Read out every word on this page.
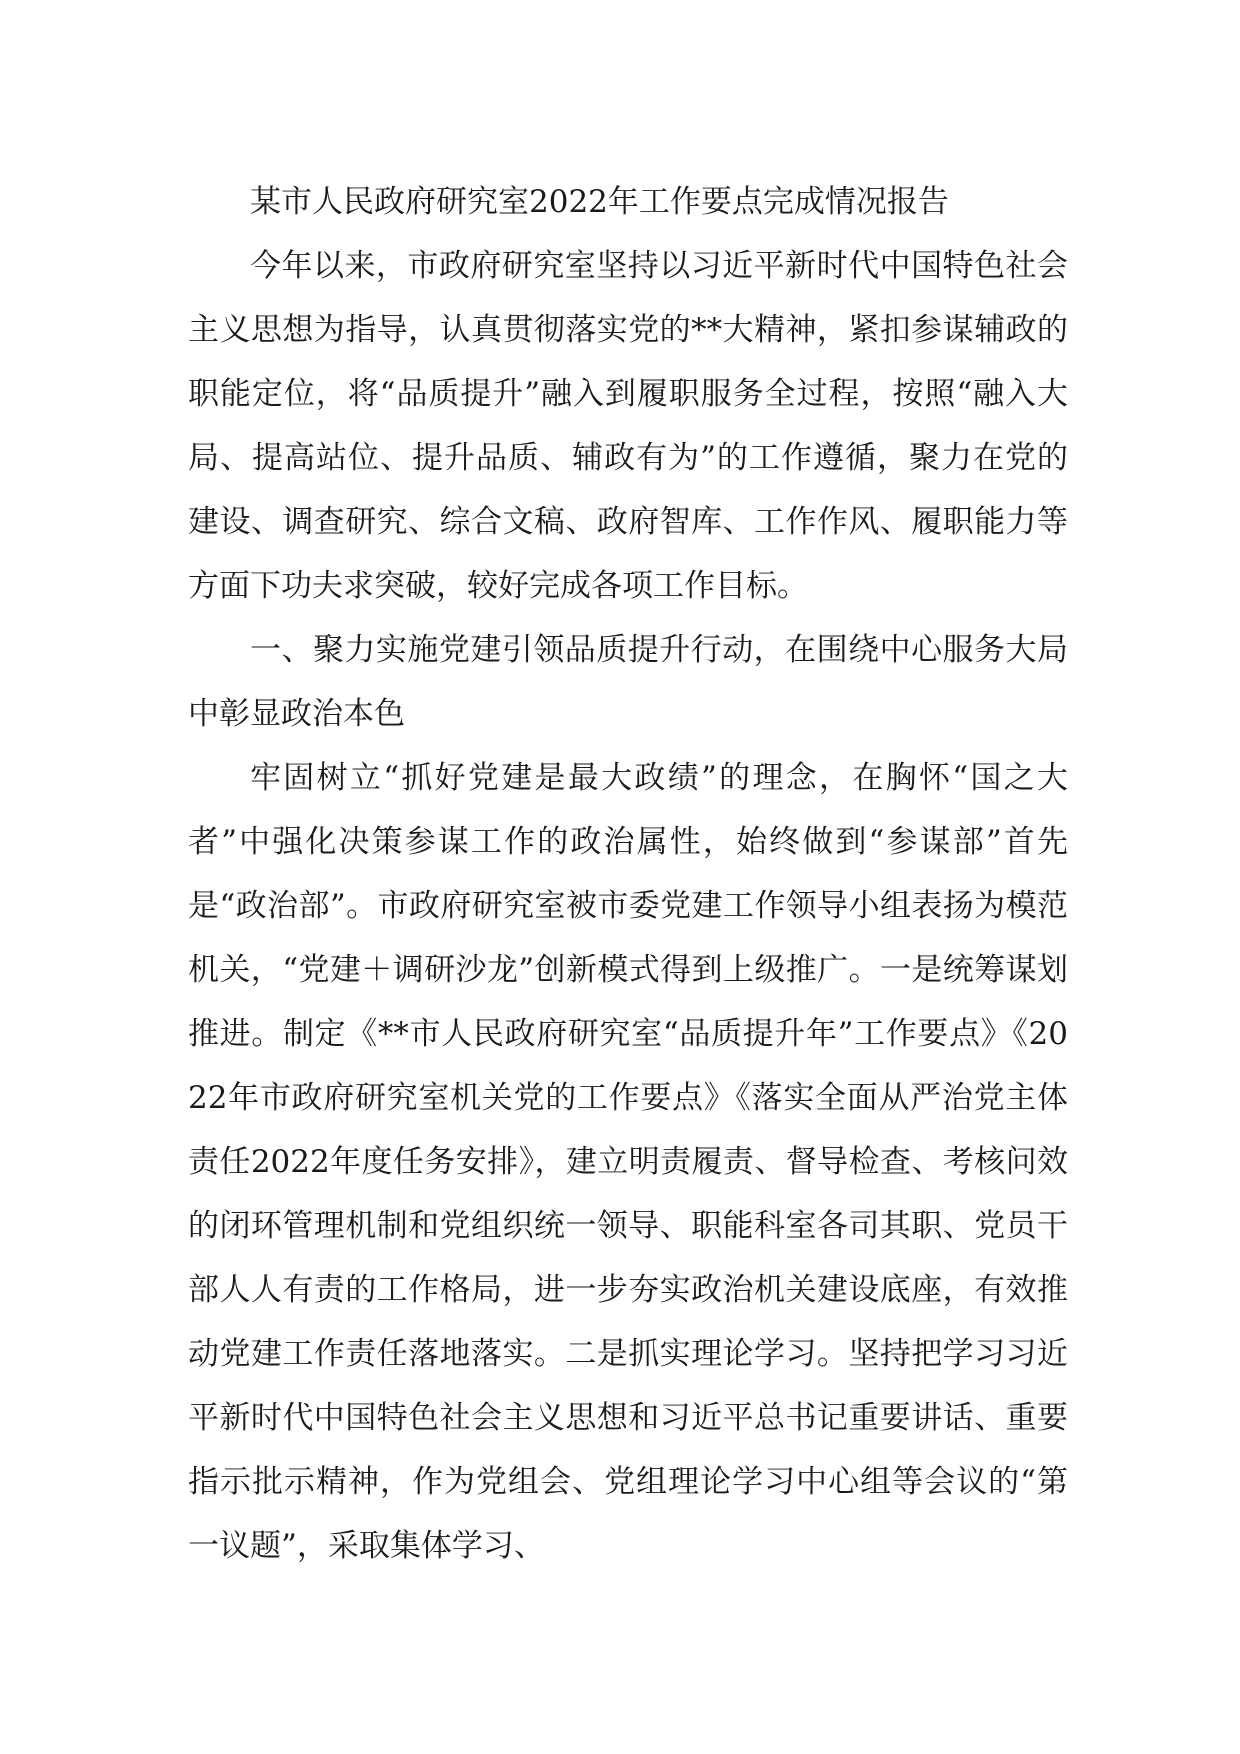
某市人民政府研究室2022年工作要点完成情况报告

今年以来，市政府研究室坚持以习近平新时代中国特色社会主义思想为指导，认真贯彻落实党的**大精神，紧扣参谋辅政的职能定位，将“品质提升”融入到履职服务全过程，按照“融入大局、提高站位、提升品质、辅政有为”的工作遵循，聚力在党的建设、调查研究、综合文稿、政府智库、工作作风、履职能力等方面下功夫求突破，较好完成各项工作目标。

一、聚力实施党建引领品质提升行动，在围绕中心服务大局中彰显政治本色

牢固树立“抓好党建是最大政绩”的理念，在胸怀“国之大者”中强化决策参谋工作的政治属性，始终做到“参谋部”首先是“政治部”。市政府研究室被市委党建工作领导小组表扬为模范机关，“党建＋调研沙龙”创新模式得到上级推广。一是统筹谋划推进。制定《**市人民政府研究室“品质提升年”工作要点》《2022年市政府研究室机关党的工作要点》《落实全面从严治党主体责任2022年度任务安排》，建立明责履责、督导检查、考核问效的闭环管理机制和党组织统一领导、职能科室各司其职、党员干部人人有责的工作格局，进一步夯实政治机关建设底座，有效推动党建工作责任落地落实。二是抓实理论学习。坚持把学习习近平新时代中国特色社会主义思想和习近平总书记重要讲话、重要指示批示精神，作为党组会、党组理论学习中心组等会议的“第一议题”，采取集体学习、
